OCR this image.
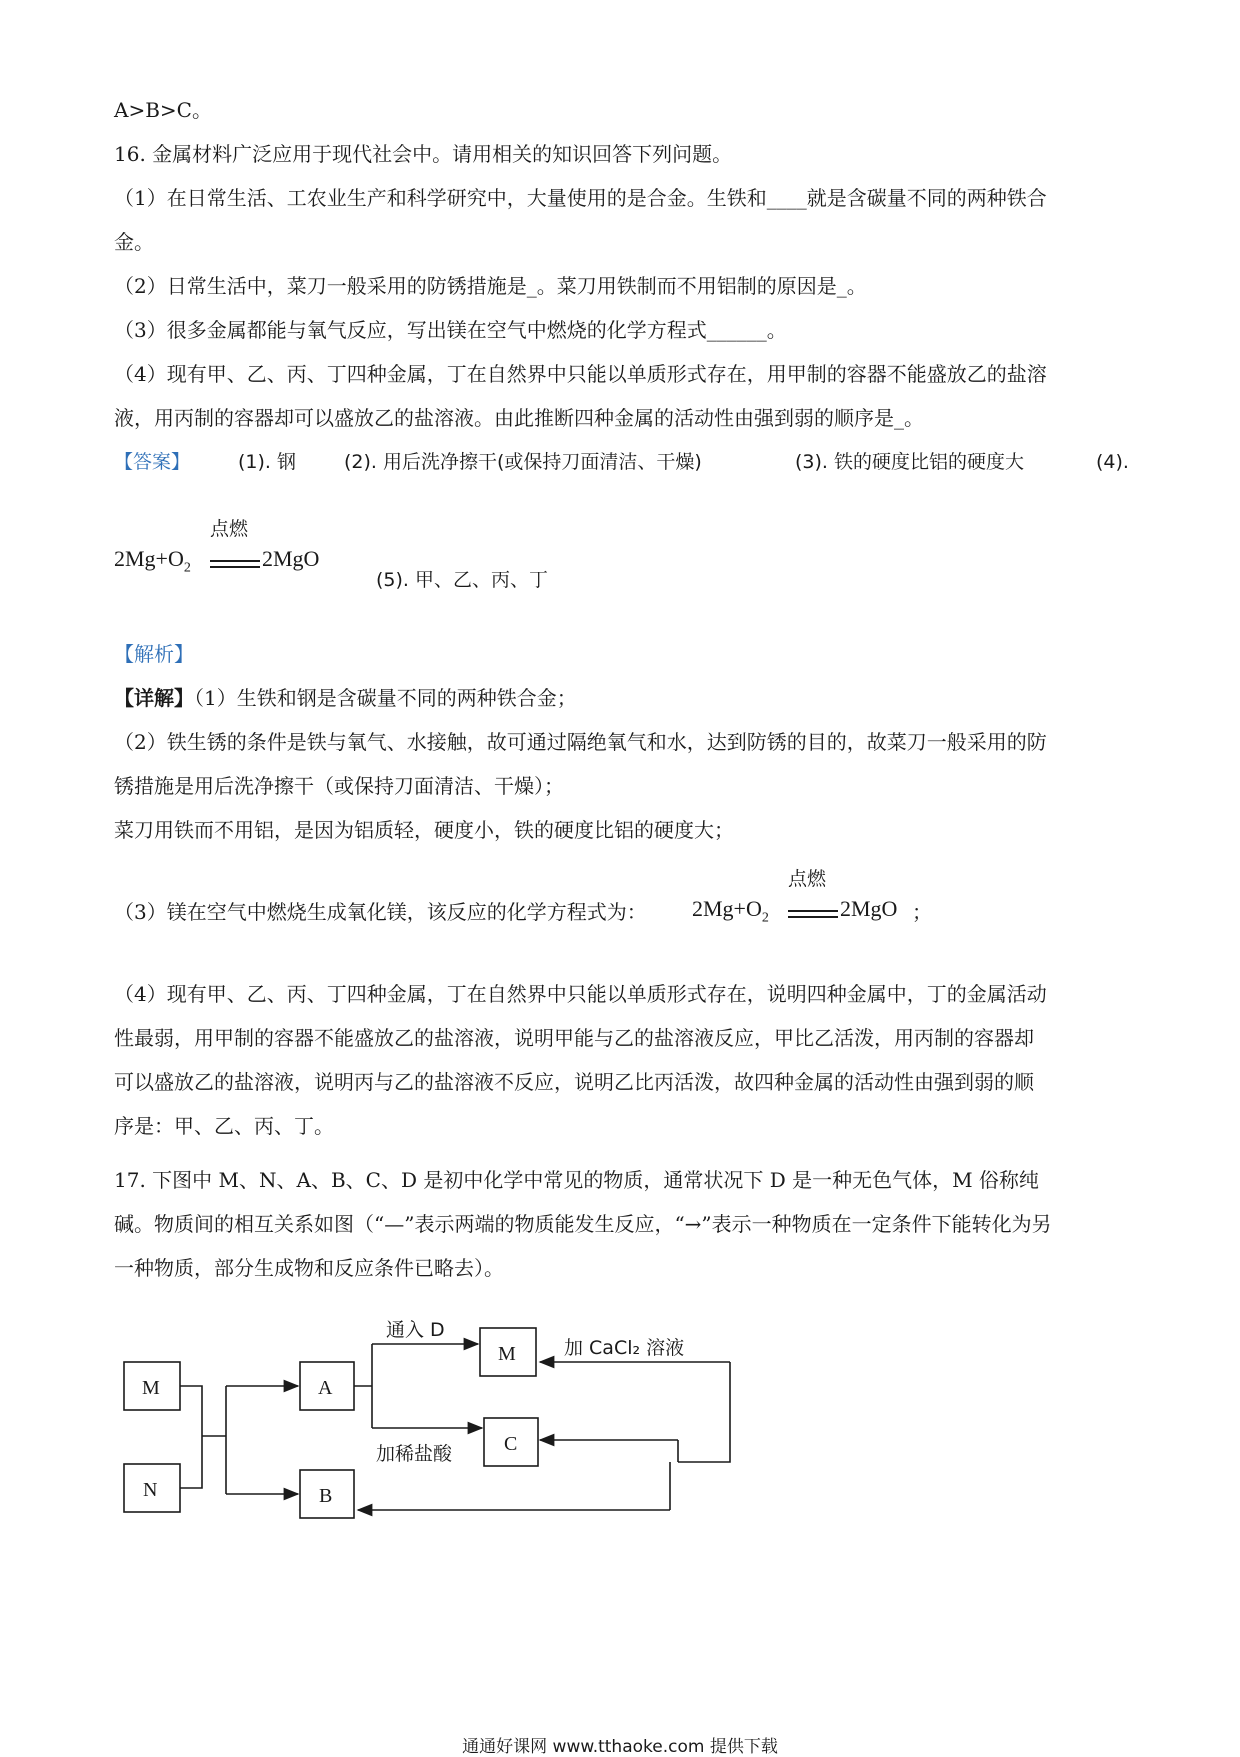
A>B>C。
16. 金属材料广泛应用于现代社会中。请用相关的知识回答下列问题。
（1）在日常生活、工农业生产和科学研究中，大量使用的是合金。生铁和____就是含碳量不同的两种铁合
金。
（2）日常生活中，菜刀一般采用的防锈措施是_。菜刀用铁制而不用铝制的原因是_。
（3）很多金属都能与氧气反应，写出镁在空气中燃烧的化学方程式______。
（4）现有甲、乙、丙、丁四种金属，丁在自然界中只能以单质形式存在，用甲制的容器不能盛放乙的盐溶
液，用丙制的容器却可以盛放乙的盐溶液。由此推断四种金属的活动性由强到弱的顺序是_。
【答案】	(1). 钢	(2). 用后洗净擦干(或保持刀面清洁、干燥)	(3). 铁的硬度比铝的硬度大	(4).
$2Mg+O_2$
点燃
2MgO
(5). 甲、乙、丙、丁
【解析】
【详解】（1）生铁和钢是含碳量不同的两种铁合金；
（2）铁生锈的条件是铁与氧气、水接触，故可通过隔绝氧气和水，达到防锈的目的，故菜刀一般采用的防
锈措施是用后洗净擦干（或保持刀面清洁、干燥）；
菜刀用铁而不用铝，是因为铝质轻，硬度小，铁的硬度比铝的硬度大；
（3）镁在空气中燃烧生成氧化镁，该反应的化学方程式为： $2Mg+O_2$
点燃
2MgO ；
（4）现有甲、乙、丙、丁四种金属，丁在自然界中只能以单质形式存在，说明四种金属中，丁的金属活动
性最弱，用甲制的容器不能盛放乙的盐溶液，说明甲能与乙的盐溶液反应，甲比乙活泼，用丙制的容器却
可以盛放乙的盐溶液，说明丙与乙的盐溶液不反应，说明乙比丙活泼，故四种金属的活动性由强到弱的顺
序是：甲、乙、丙、丁。
17. 下图中 M、N、A、B、C、D 是初中化学中常见的物质，通常状况下 D 是一种无色气体，M 俗称纯
碱。物质间的相互关系如图（“—”表示两端的物质能发生反应，“→”表示一种物质在一定条件下能转化为另
一种物质，部分生成物和反应条件已略去）。
M
N
A
B
M
C
通入 D
加稀盐酸
加 CaCl₂ 溶液
通通好课网 www.tthaoke.com 提供下载
